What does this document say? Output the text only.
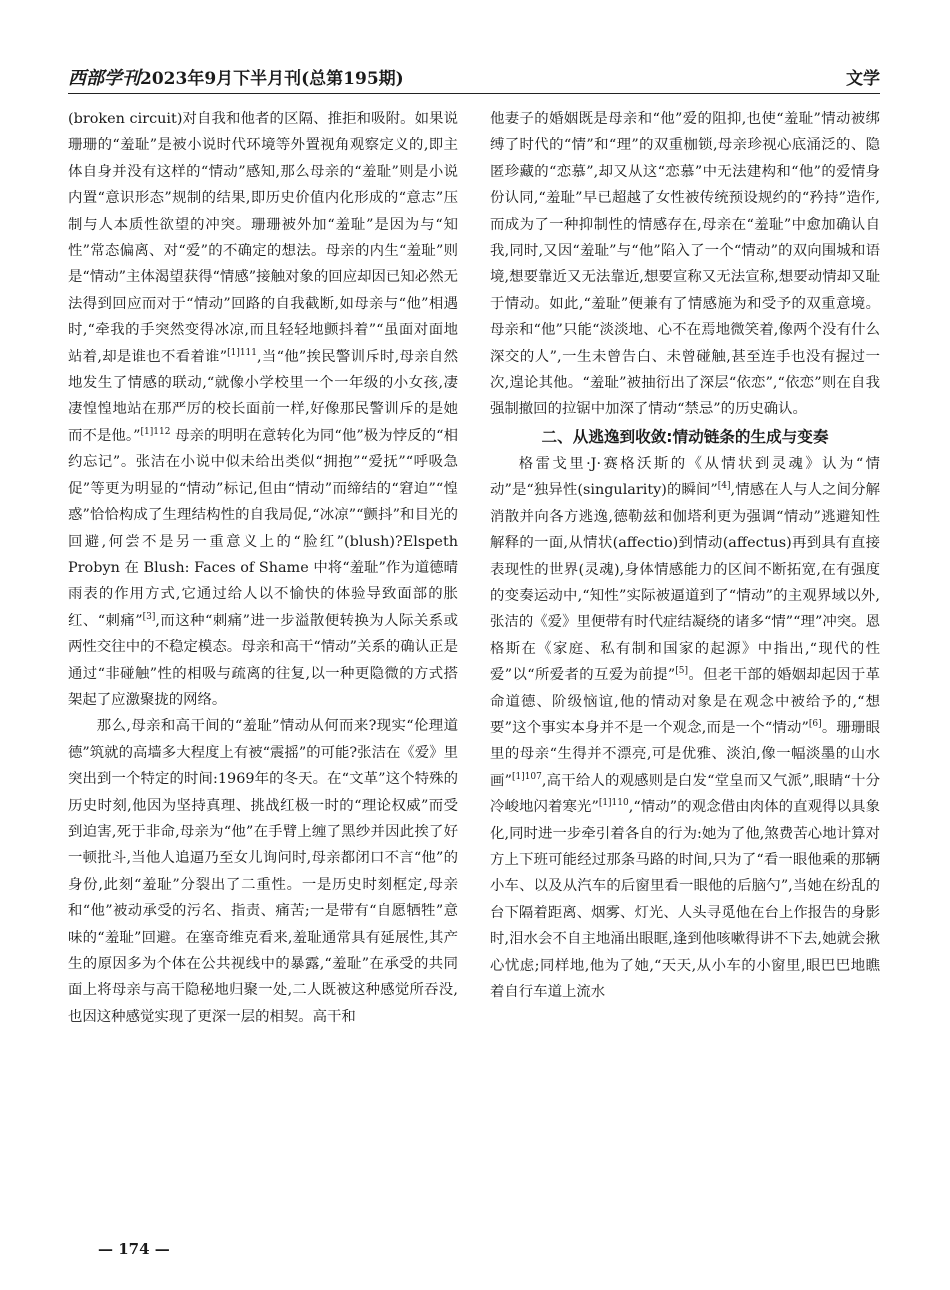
西部学刊2023年9月下半月刊(总第195期)	文学

(broken circuit)对自我和他者的区隔、推拒和吸附。如果说珊珊的“羞耻”是被小说时代环境等外置视角观察定义的,即主体自身并没有这样的“情动”感知,那么母亲的“羞耻”则是小说内置“意识形态”规制的结果,即历史价值内化形成的“意志”压制与人本质性欲望的冲突。珊珊被外加“羞耻”是因为与“知性”常态偏离、对“爱”的不确定的想法。母亲的内生“羞耻”则是“情动”主体渴望获得“情感”接触对象的回应却因已知必然无法得到回应而对于“情动”回路的自我截断,如母亲与“他”相遇时,“牵我的手突然变得冰凉,而且轻轻地颤抖着”“虽面对面地站着,却是谁也不看着谁”$^{[1]111}$,当“他”挨民警训斥时,母亲自然地发生了情感的联动,“就像小学校里一个一年级的小女孩,凄凄惶惶地站在那严厉的校长面前一样,好像那民警训斥的是她而不是他。”$^{[1]112}$ 母亲的明明在意转化为同“他”极为悖反的“相约忘记”。张洁在小说中似未给出类似“拥抱”“爱抚”“呼吸急促”等更为明显的“情动”标记,但由“情动”而缔结的“窘迫”“惶惑”恰恰构成了生理结构性的自我局促,“冰凉”“颤抖”和目光的回避,何尝不是另一重意义上的“脸红”(blush)?Elspeth Probyn 在 Blush: Faces of Shame 中将“羞耻”作为道德晴雨表的作用方式,它通过给人以不愉快的体验导致面部的胀红、“刺痛”[3],而这种“刺痛”进一步溢散便转换为人际关系或两性交往中的不稳定模态。母亲和高干“情动”关系的确认正是通过“非碰触”性的相吸与疏离的往复,以一种更隐微的方式搭架起了应激聚拢的网络。

那么,母亲和高干间的“羞耻”情动从何而来?现实“伦理道德”筑就的高墙多大程度上有被“震摇”的可能?张洁在《爱》里突出到一个特定的时间:1969年的冬天。在“文革”这个特殊的历史时刻,他因为坚持真理、挑战红极一时的“理论权威”而受到迫害,死于非命,母亲为“他”在手臂上缠了黑纱并因此挨了好一顿批斗,当他人追逼乃至女儿询问时,母亲都闭口不言“他”的身份,此刻“羞耻”分裂出了二重性。一是历史时刻框定,母亲和“他”被动承受的污名、指责、痛苦;一是带有“自愿牺牲”意味的“羞耻”回避。在塞奇维克看来,羞耻通常具有延展性,其产生的原因多为个体在公共视线中的暴露,“羞耻”在承受的共同面上将母亲与高干隐秘地归聚一处,二人既被这种感觉所吞没,也因这种感觉实现了更深一层的相契。高干和

他妻子的婚姻既是母亲和“他”爱的阻抑,也使“羞耻”情动被绑缚了时代的“情”和“理”的双重枷锁,母亲珍视心底涌泛的、隐匿珍藏的“恋慕”,却又从这“恋慕”中无法建构和“他”的爱情身份认同,“羞耻”早已超越了女性被传统预设规约的“矜持”造作,而成为了一种抑制性的情感存在,母亲在“羞耻”中愈加确认自我,同时,又因“羞耻”与“他”陷入了一个“情动”的双向围城和语境,想要靠近又无法靠近,想要宣称又无法宣称,想要动情却又耻于情动。如此,“羞耻”便兼有了情感施为和受予的双重意境。母亲和“他”只能“淡淡地、心不在焉地微笑着,像两个没有什么深交的人”,一生未曾告白、未曾碰触,甚至连手也没有握过一次,遑论其他。“羞耻”被抽衍出了深层“依恋”,“依恋”则在自我强制撤回的拉锯中加深了情动“禁忌”的历史确认。

二、从逃逸到收敛:情动链条的生成与变奏

格雷戈里·J·赛格沃斯的《从情状到灵魂》认为“情动”是“独异性(singularity)的瞬间”[4],情感在人与人之间分解消散并向各方逃逸,德勒兹和伽塔利更为强调“情动”逃避知性解释的一面,从情状(affectio)到情动(affectus)再到具有直接表现性的世界(灵魂),身体情感能力的区间不断拓宽,在有强度的变奏运动中,“知性”实际被逼道到了“情动”的主观界域以外,张洁的《爱》里便带有时代症结凝绕的诸多“情”“理”冲突。恩格斯在《家庭、私有制和国家的起源》中指出,“现代的性爱”以“所爱者的互爱为前提”[5]。但老干部的婚姻却起因于革命道德、阶级恼谊,他的情动对象是在观念中被给予的,“想要”这个事实本身并不是一个观念,而是一个“情动”[6]。珊珊眼里的母亲“生得并不漂亮,可是优雅、淡泊,像一幅淡墨的山水画”$^{[1]107}$,高干给人的观感则是白发“堂皇而又气派”,眼睛“十分冷峻地闪着寒光”$^{[1]110}$,“情动”的观念借由肉体的直观得以具象化,同时进一步牵引着各自的行为:她为了他,煞费苦心地计算对方上下班可能经过那条马路的时间,只为了“看一眼他乘的那辆小车、以及从汽车的后窗里看一眼他的后脑勺”,当她在纷乱的台下隔着距离、烟雾、灯光、人头寻觅他在台上作报告的身影时,泪水会不自主地涌出眼眶,逢到他咳嗽得讲不下去,她就会揪心忧虑;同样地,他为了她,“天天,从小车的小窗里,眼巴巴地瞧着自行车道上流水

— 174 —
